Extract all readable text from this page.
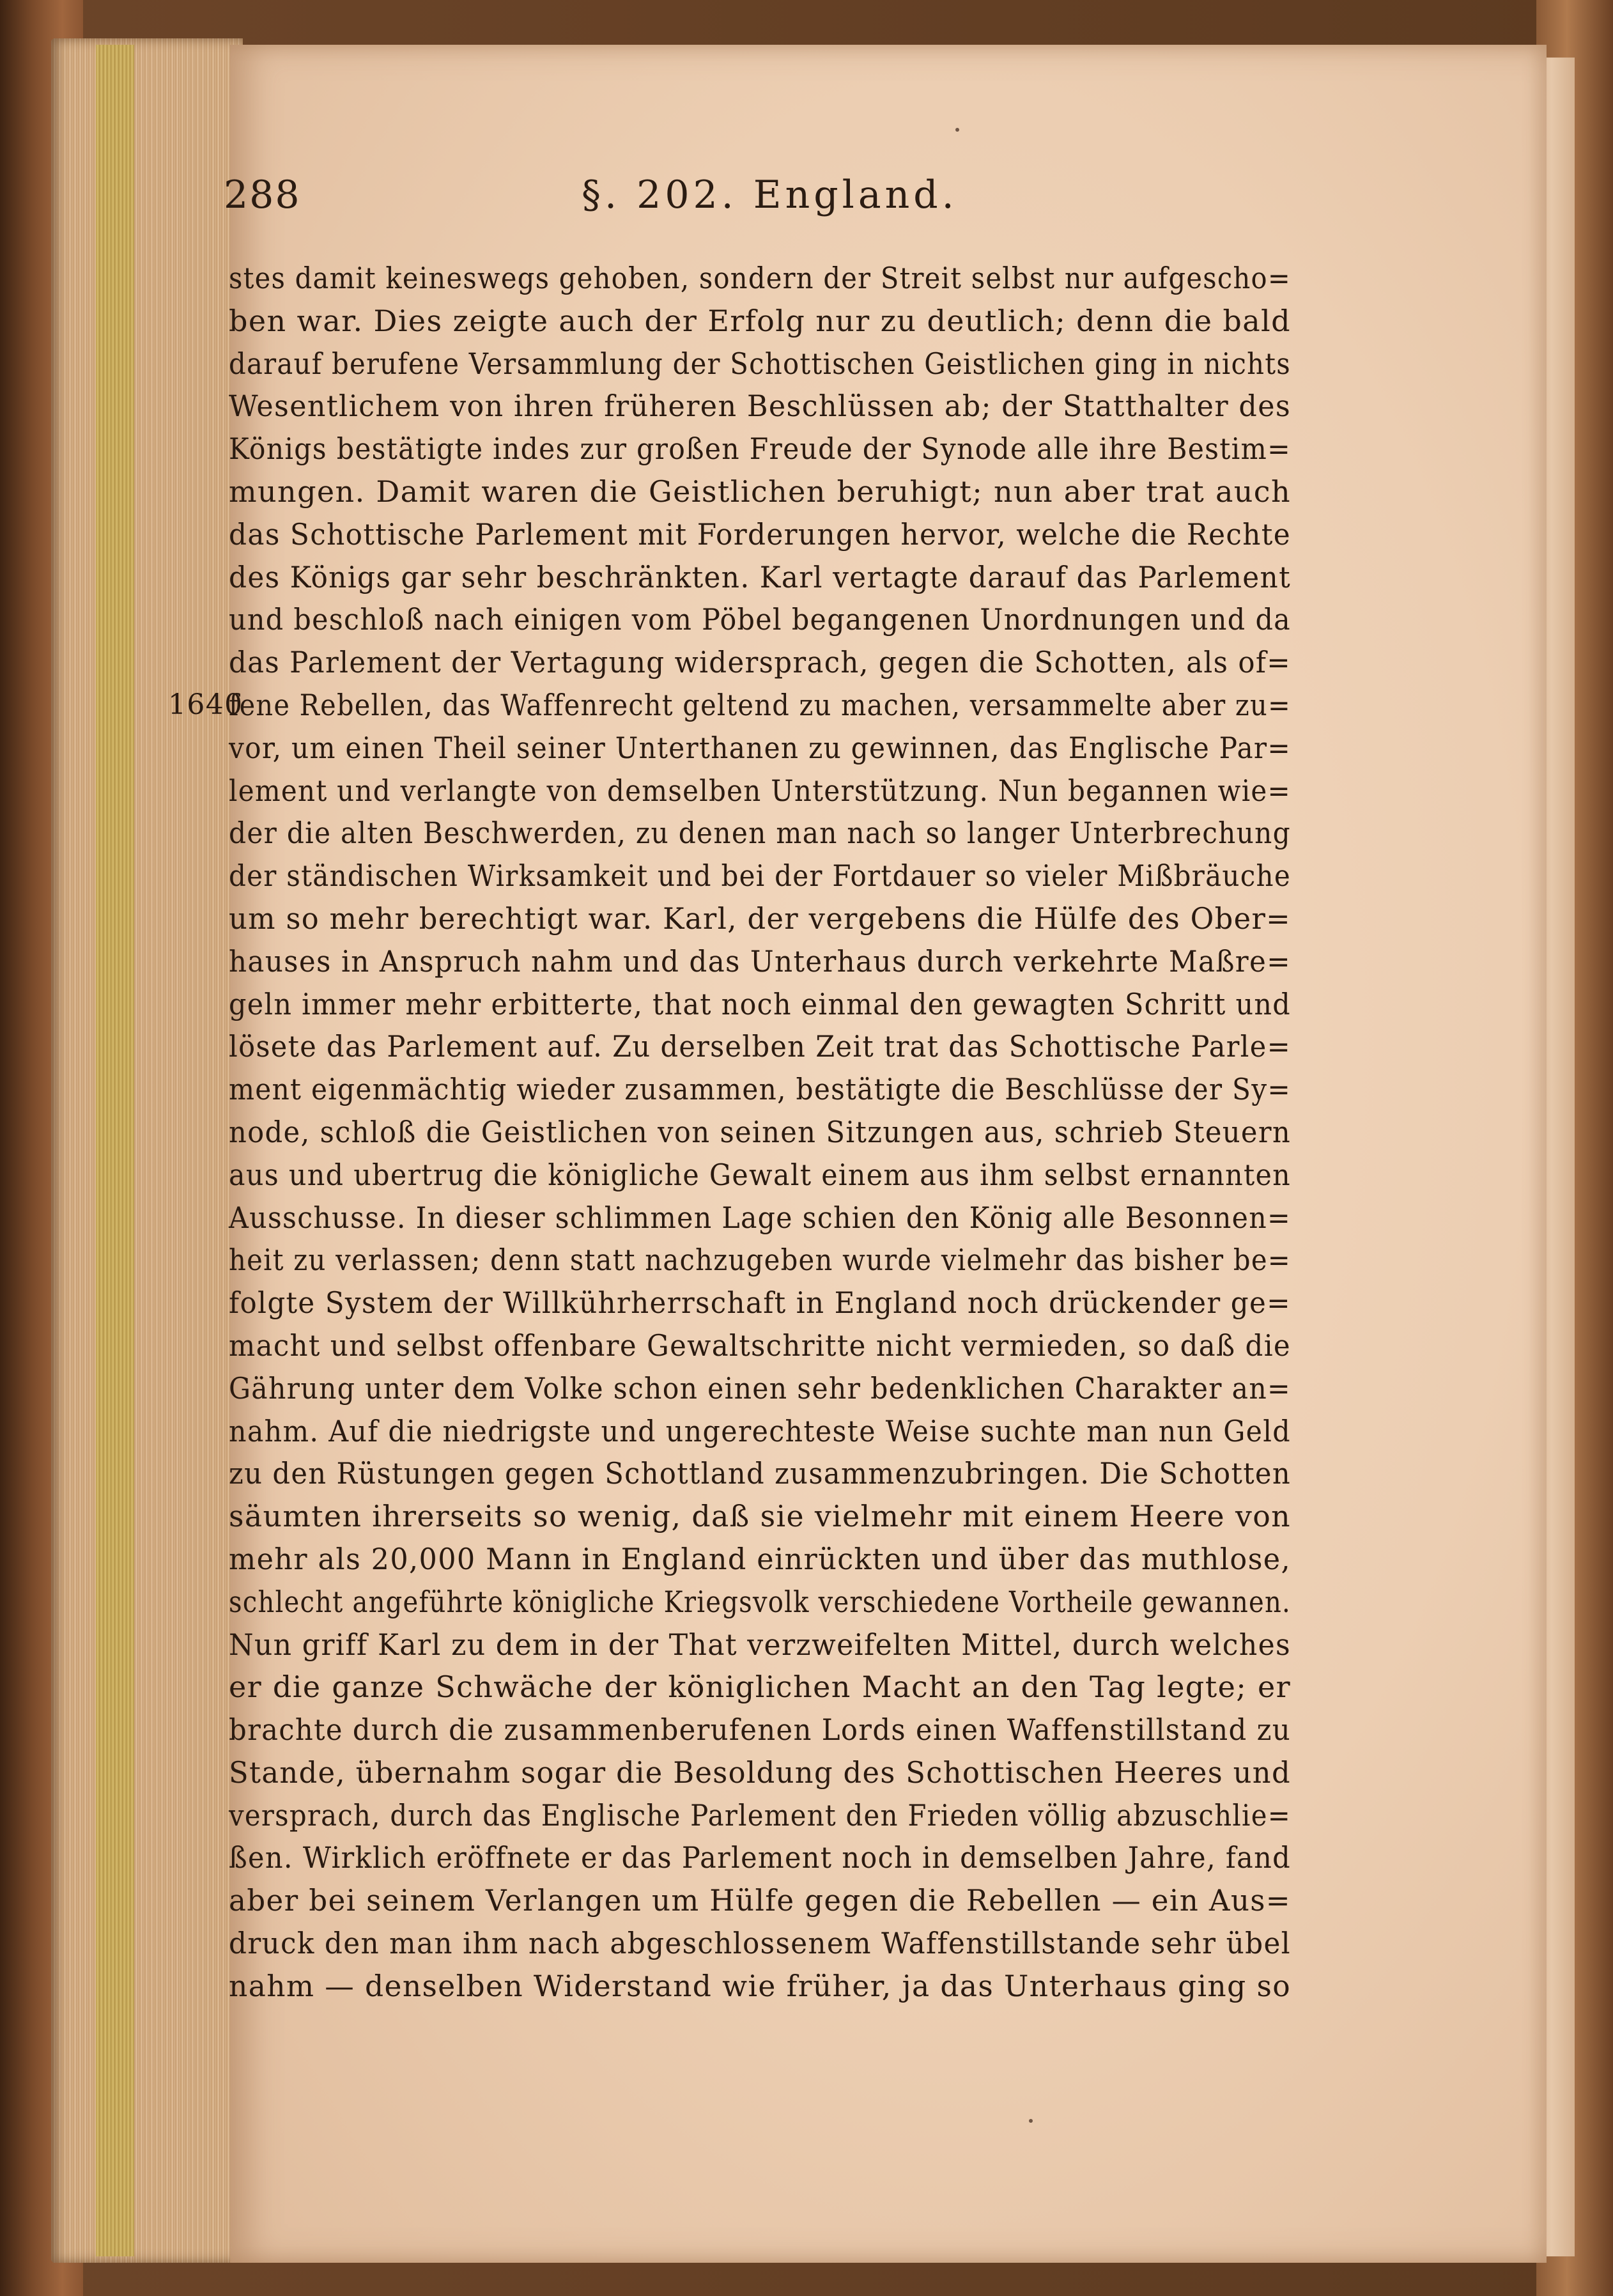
288	§. 202. England.
stes damit keineswegs gehoben, sondern der Streit selbst nur aufgescho=
ben war. Dies zeigte auch der Erfolg nur zu deutlich; denn die bald
darauf berufene Versammlung der Schottischen Geistlichen ging in nichts
Wesentlichem von ihren früheren Beschlüssen ab; der Statthalter des
Königs bestätigte indes zur großen Freude der Synode alle ihre Bestim=
mungen. Damit waren die Geistlichen beruhigt; nun aber trat auch
das Schottische Parlement mit Forderungen hervor, welche die Rechte
des Königs gar sehr beschränkten. Karl vertagte darauf das Parlement
und beschloß nach einigen vom Pöbel begangenen Unordnungen und da
das Parlement der Vertagung widersprach, gegen die Schotten, als of=
1640
fene Rebellen, das Waffenrecht geltend zu machen, versammelte aber zu=
vor, um einen Theil seiner Unterthanen zu gewinnen, das Englische Par=
lement und verlangte von demselben Unterstützung. Nun begannen wie=
der die alten Beschwerden, zu denen man nach so langer Unterbrechung
der ständischen Wirksamkeit und bei der Fortdauer so vieler Mißbräuche
um so mehr berechtigt war. Karl, der vergebens die Hülfe des Ober=
hauses in Anspruch nahm und das Unterhaus durch verkehrte Maßre=
geln immer mehr erbitterte, that noch einmal den gewagten Schritt und
lösete das Parlement auf. Zu derselben Zeit trat das Schottische Parle=
ment eigenmächtig wieder zusammen, bestätigte die Beschlüsse der Sy=
node, schloß die Geistlichen von seinen Sitzungen aus, schrieb Steuern
aus und ubertrug die königliche Gewalt einem aus ihm selbst ernannten
Ausschusse. In dieser schlimmen Lage schien den König alle Besonnen=
heit zu verlassen; denn statt nachzugeben wurde vielmehr das bisher be=
folgte System der Willkührherrschaft in England noch drückender ge=
macht und selbst offenbare Gewaltschritte nicht vermieden, so daß die
Gährung unter dem Volke schon einen sehr bedenklichen Charakter an=
nahm. Auf die niedrigste und ungerechteste Weise suchte man nun Geld
zu den Rüstungen gegen Schottland zusammenzubringen. Die Schotten
säumten ihrerseits so wenig, daß sie vielmehr mit einem Heere von
mehr als 20,000 Mann in England einrückten und über das muthlose,
schlecht angeführte königliche Kriegsvolk verschiedene Vortheile gewannen.
Nun griff Karl zu dem in der That verzweifelten Mittel, durch welches
er die ganze Schwäche der königlichen Macht an den Tag legte; er
brachte durch die zusammenberufenen Lords einen Waffenstillstand zu
Stande, übernahm sogar die Besoldung des Schottischen Heeres und
versprach, durch das Englische Parlement den Frieden völlig abzuschlie=
ßen. Wirklich eröffnete er das Parlement noch in demselben Jahre, fand
aber bei seinem Verlangen um Hülfe gegen die Rebellen — ein Aus=
druck den man ihm nach abgeschlossenem Waffenstillstande sehr übel
nahm — denselben Widerstand wie früher, ja das Unterhaus ging so
